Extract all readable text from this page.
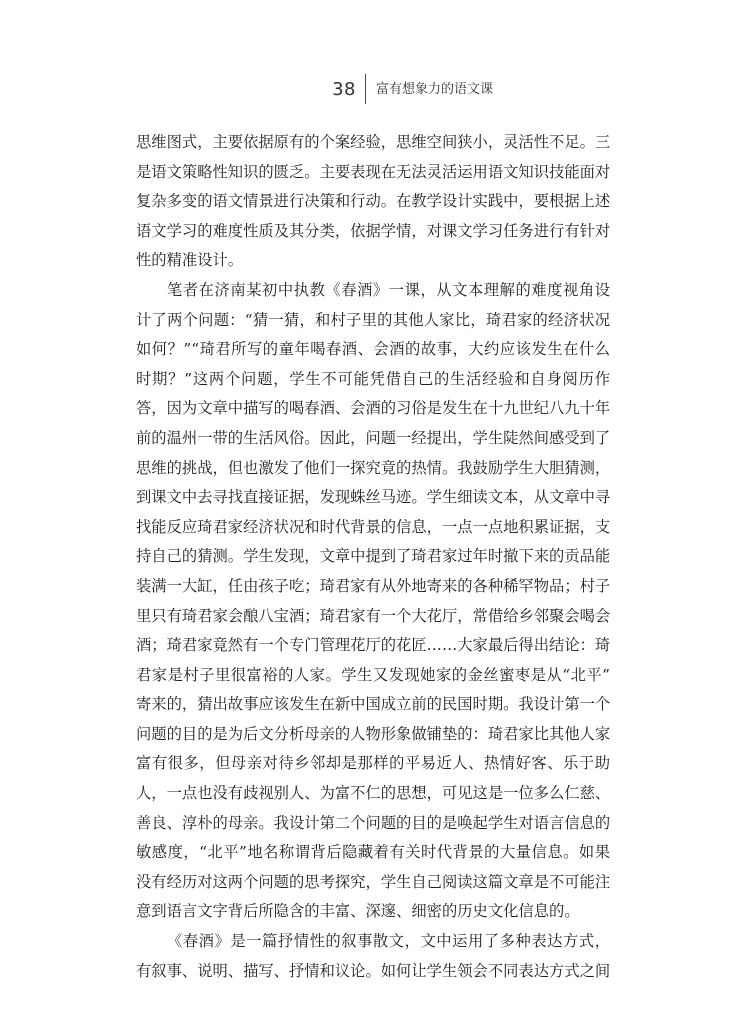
38 富有想象力的语文课
思维图式，主要依据原有的个案经验，思维空间狭小，灵活性不足。三
是语文策略性知识的匮乏。主要表现在无法灵活运用语文知识技能面对
复杂多变的语文情景进行决策和行动。在教学设计实践中，要根据上述
语文学习的难度性质及其分类，依据学情，对课文学习任务进行有针对
性的精准设计。
笔者在济南某初中执教《春酒》一课，从文本理解的难度视角设
计了两个问题：“猜一猜，和村子里的其他人家比，琦君家的经济状况
如何？”“琦君所写的童年喝春酒、会酒的故事，大约应该发生在什么
时期？”这两个问题，学生不可能凭借自己的生活经验和自身阅历作
答，因为文章中描写的喝春酒、会酒的习俗是发生在十九世纪八九十年
前的温州一带的生活风俗。因此，问题一经提出，学生陡然间感受到了
思维的挑战，但也激发了他们一探究竟的热情。我鼓励学生大胆猜测，
到课文中去寻找直接证据，发现蛛丝马迹。学生细读文本，从文章中寻
找能反应琦君家经济状况和时代背景的信息，一点一点地积累证据，支
持自己的猜测。学生发现，文章中提到了琦君家过年时撤下来的贡品能
装满一大缸，任由孩子吃；琦君家有从外地寄来的各种稀罕物品；村子
里只有琦君家会酿八宝酒；琦君家有一个大花厅，常借给乡邻聚会喝会
酒；琦君家竟然有一个专门管理花厅的花匠……大家最后得出结论：琦
君家是村子里很富裕的人家。学生又发现她家的金丝蜜枣是从“北平”
寄来的，猜出故事应该发生在新中国成立前的民国时期。我设计第一个
问题的目的是为后文分析母亲的人物形象做铺垫的：琦君家比其他人家
富有很多，但母亲对待乡邻却是那样的平易近人、热情好客、乐于助
人，一点也没有歧视别人、为富不仁的思想，可见这是一位多么仁慈、
善良、淳朴的母亲。我设计第二个问题的目的是唤起学生对语言信息的
敏感度，“北平”地名称谓背后隐藏着有关时代背景的大量信息。如果
没有经历对这两个问题的思考探究，学生自己阅读这篇文章是不可能注
意到语言文字背后所隐含的丰富、深邃、细密的历史文化信息的。
《春酒》是一篇抒情性的叙事散文，文中运用了多种表达方式，
有叙事、说明、描写、抒情和议论。如何让学生领会不同表达方式之间
